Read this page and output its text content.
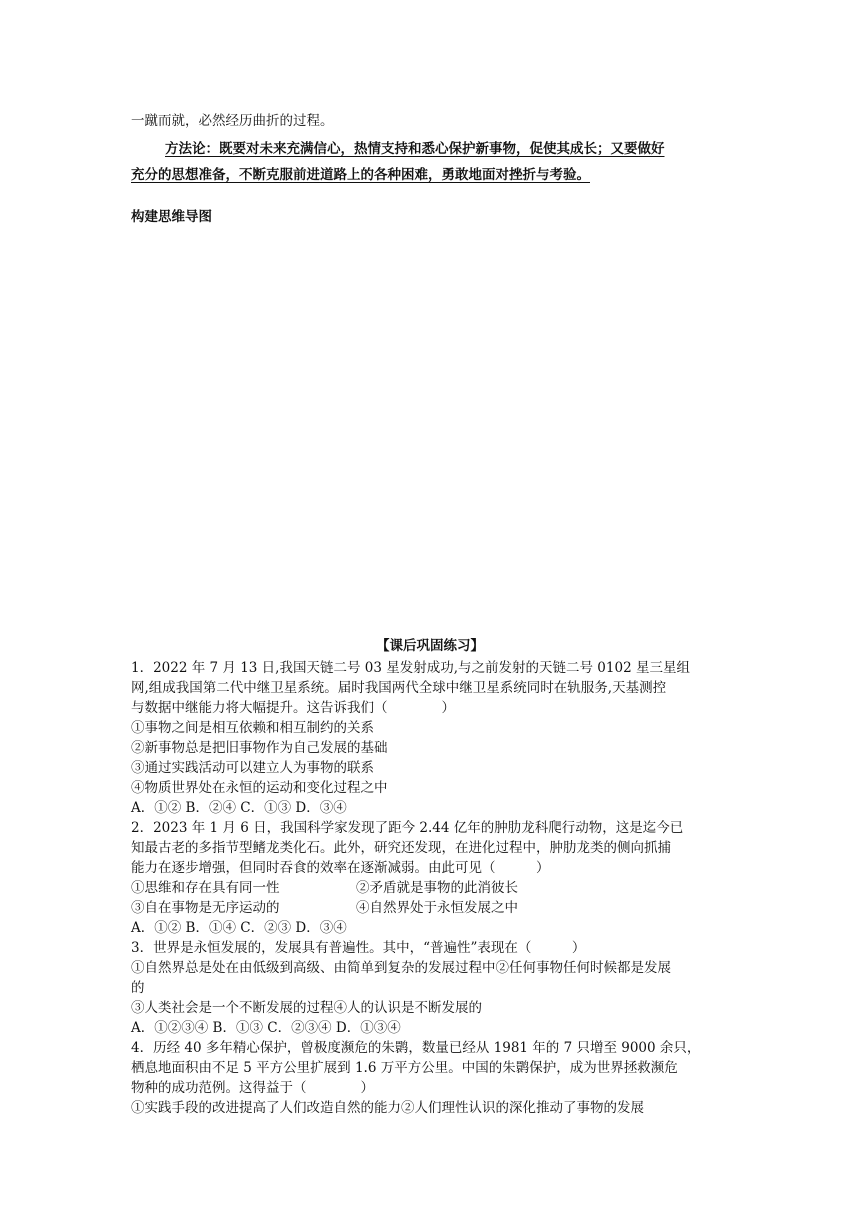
一蹴而就，必然经历曲折的过程。
方法论：既要对未来充满信心，热情支持和悉心保护新事物，促使其成长；又要做好
充分的思想准备，不断克服前进道路上的各种困难，勇敢地面对挫折与考验。
构建思维导图
【课后巩固练习】
1．2022 年 7 月 13 日,我国天链二号 03 星发射成功,与之前发射的天链二号 0102 星三星组
网,组成我国第二代中继卫星系统。届时我国两代全球中继卫星系统同时在轨服务,天基测控
与数据中继能力将大幅提升。这告诉我们（　　　　）
①事物之间是相互依赖和相互制约的关系
②新事物总是把旧事物作为自己发展的基础
③通过实践活动可以建立人为事物的联系
④物质世界处在永恒的运动和变化过程之中
A．①② B．②④ C．①③ D．③④
2．2023 年 1 月 6 日，我国科学家发现了距今 2.44 亿年的肿肋龙科爬行动物，这是迄今已
知最古老的多指节型鳍龙类化石。此外，研究还发现，在进化过程中，肿肋龙类的侧向抓捕
能力在逐步增强，但同时吞食的效率在逐渐减弱。由此可见（　　　）
①思维和存在具有同一性	②矛盾就是事物的此消彼长
③自在事物是无序运动的	④自然界处于永恒发展之中
A．①② B．①④ C．②③ D．③④
3．世界是永恒发展的，发展具有普遍性。其中，“普遍性”表现在（　　　）
①自然界总是处在由低级到高级、由简单到复杂的发展过程中②任何事物任何时候都是发展
的
③人类社会是一个不断发展的过程④人的认识是不断发展的
A．①②③④ B．①③ C．②③④ D．①③④
4．历经 40 多年精心保护，曾极度濒危的朱鹮，数量已经从 1981 年的 7 只增至 9000 余只，
栖息地面积由不足 5 平方公里扩展到 1.6 万平方公里。中国的朱鹮保护，成为世界拯救濒危
物种的成功范例。这得益于（　　　　）
①实践手段的改进提高了人们改造自然的能力②人们理性认识的深化推动了事物的发展
